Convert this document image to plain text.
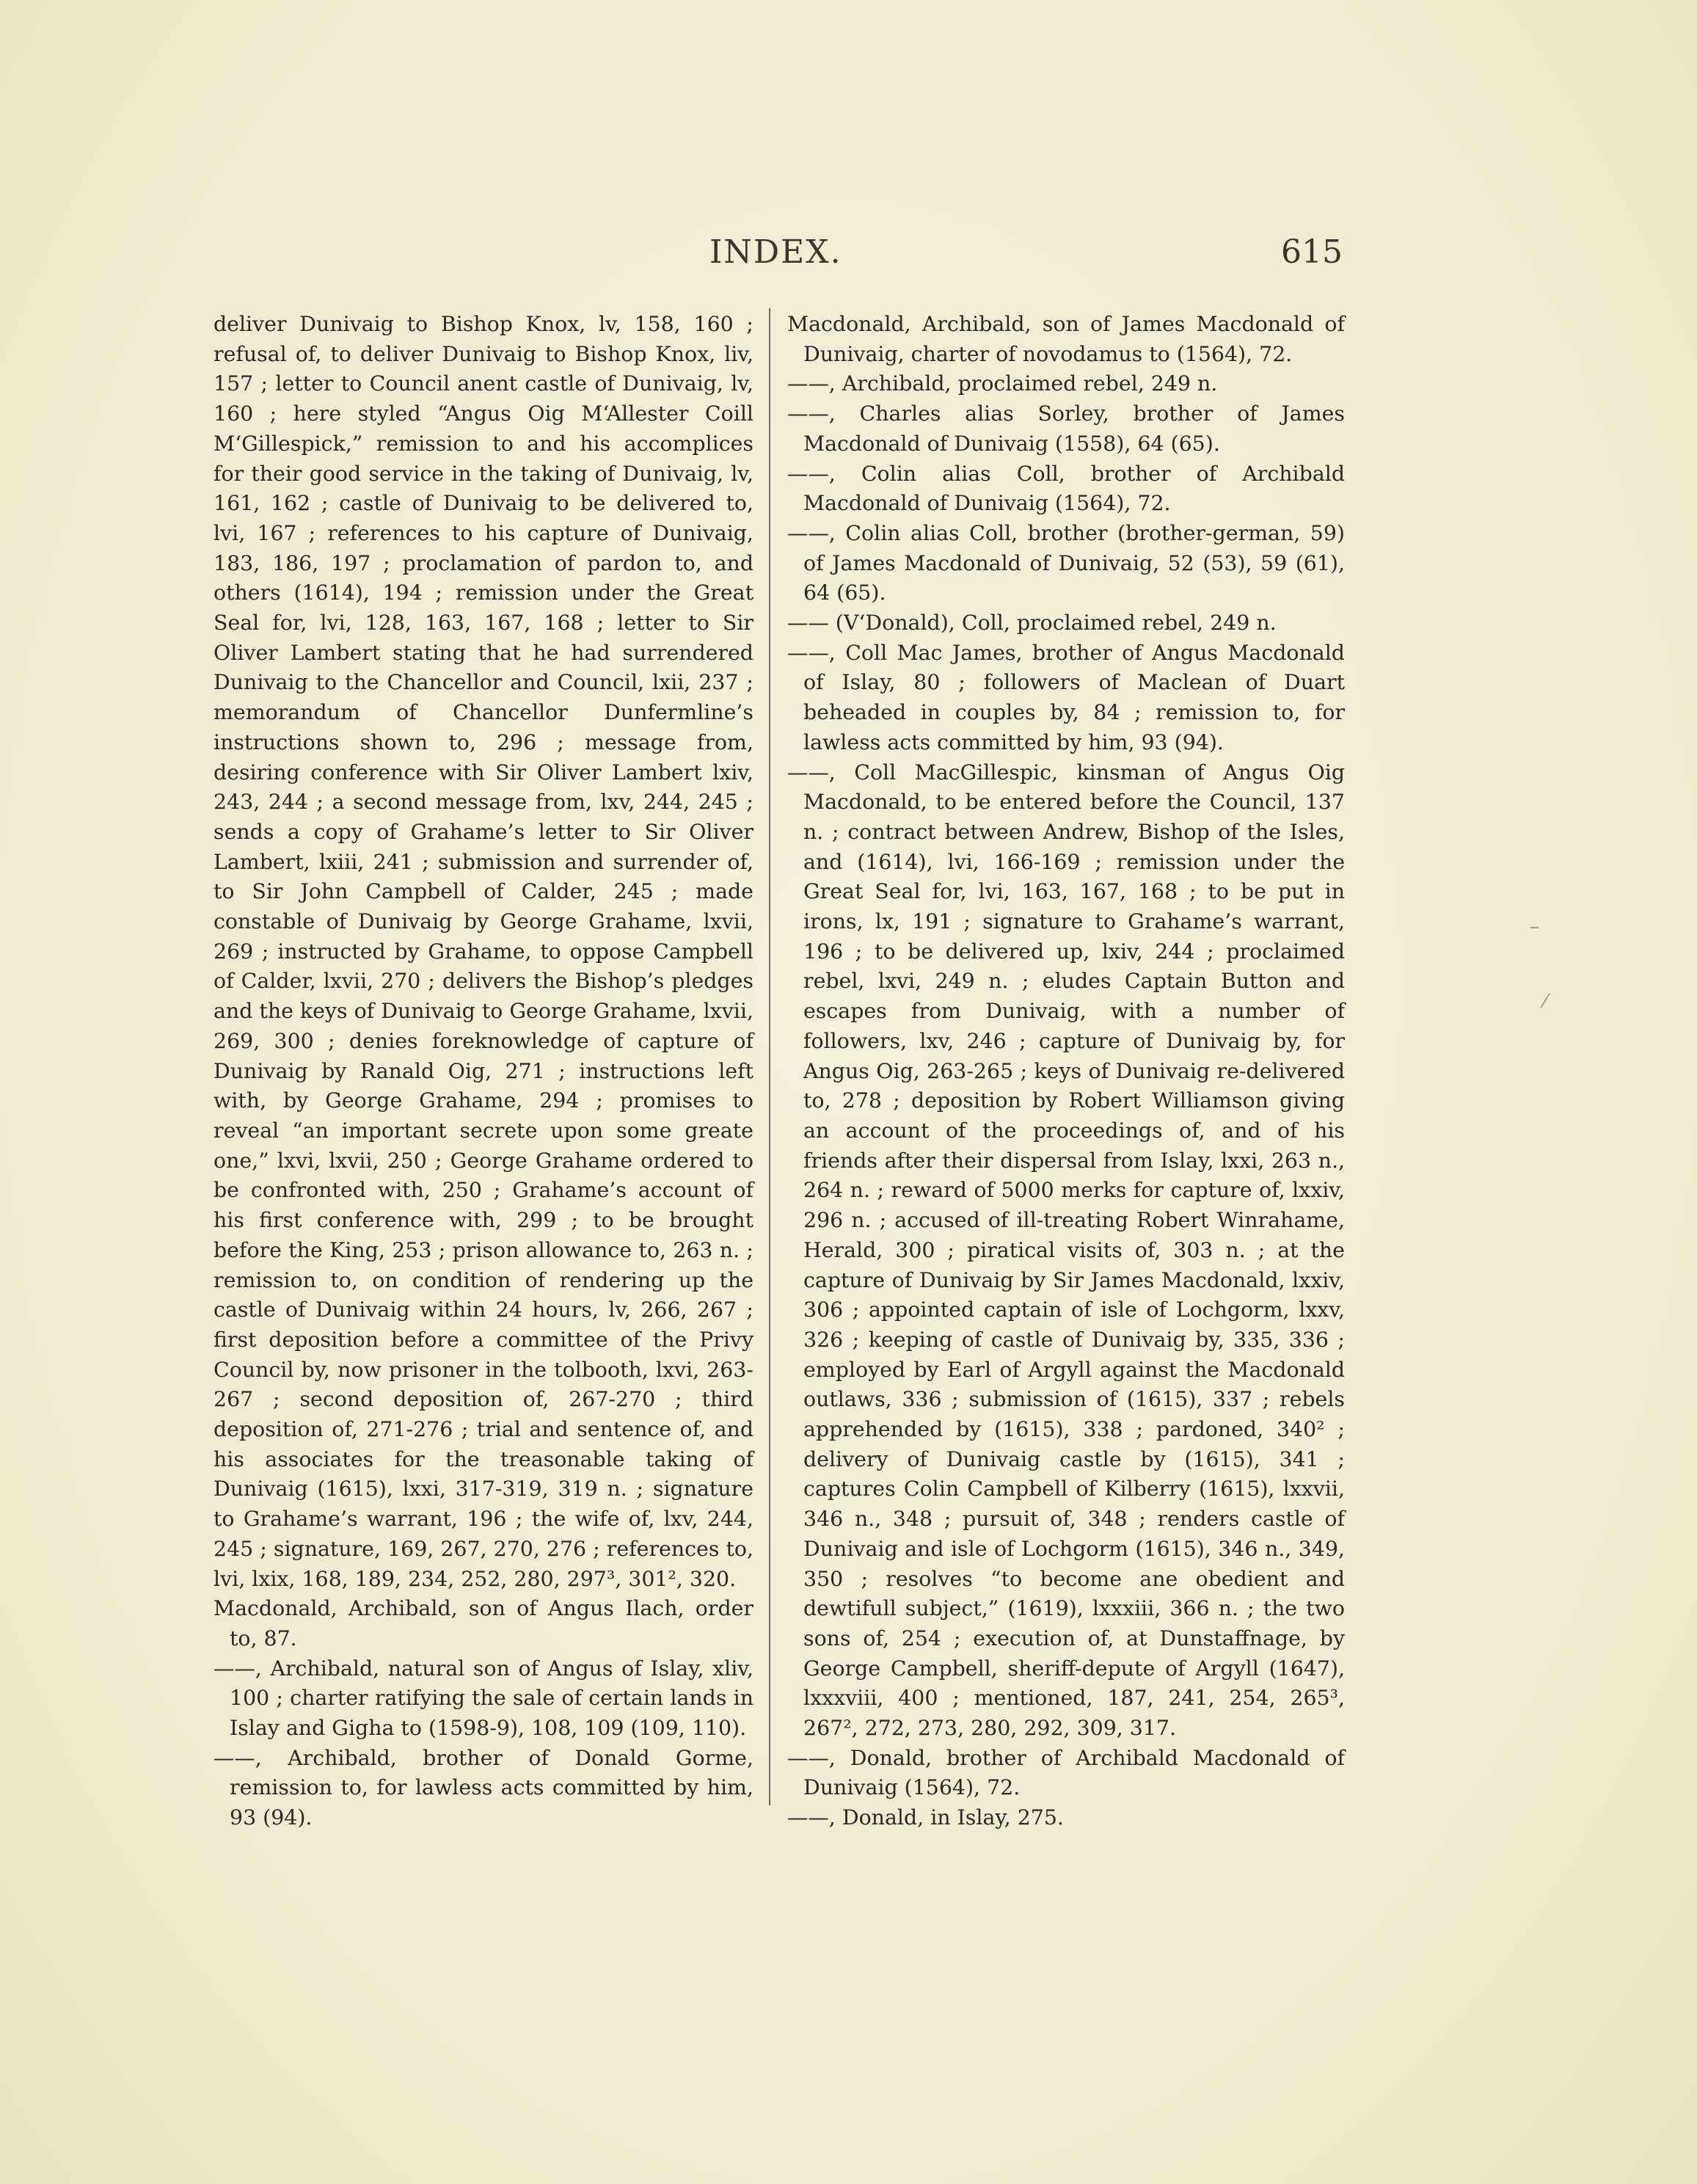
INDEX.	615

deliver Dunivaig to Bishop Knox, lv, 158, 160 ; refusal of, to deliver Dunivaig to Bishop Knox, liv, 157 ; letter to Council anent castle of Dunivaig, lv, 160 ; here styled “Angus Oig M‘Allester Coill M‘Gillespick,” remission to and his accomplices for their good service in the taking of Dunivaig, lv, 161, 162 ; castle of Dunivaig to be delivered to, lvi, 167 ; references to his capture of Dunivaig, 183, 186, 197 ; proclamation of pardon to, and others (1614), 194 ; remission under the Great Seal for, lvi, 128, 163, 167, 168 ; letter to Sir Oliver Lambert stating that he had surrendered Dunivaig to the Chancellor and Council, lxii, 237 ; memorandum of Chancellor Dunfermline’s instructions shown to, 296 ; message from, desiring conference with Sir Oliver Lambert lxiv, 243, 244 ; a second message from, lxv, 244, 245 ; sends a copy of Grahame’s letter to Sir Oliver Lambert, lxiii, 241 ; submission and surrender of, to Sir John Campbell of Calder, 245 ; made constable of Dunivaig by George Grahame, lxvii, 269 ; instructed by Grahame, to oppose Campbell of Calder, lxvii, 270 ; delivers the Bishop’s pledges and the keys of Dunivaig to George Grahame, lxvii, 269, 300 ; denies foreknowledge of capture of Dunivaig by Ranald Oig, 271 ; instructions left with, by George Grahame, 294 ; promises to reveal “an important secrete upon some greate one,” lxvi, lxvii, 250 ; George Grahame ordered to be confronted with, 250 ; Grahame’s account of his first conference with, 299 ; to be brought before the King, 253 ; prison allowance to, 263 n. ; remission to, on condition of rendering up the castle of Dunivaig within 24 hours, lv, 266, 267 ; first deposition before a committee of the Privy Council by, now prisoner in the tolbooth, lxvi, 263-267 ; second deposition of, 267-270 ; third deposition of, 271-276 ; trial and sentence of, and his associates for the treasonable taking of Dunivaig (1615), lxxi, 317-319, 319 n. ; signature to Grahame’s warrant, 196 ; the wife of, lxv, 244, 245 ; signature, 169, 267, 270, 276 ; references to, lvi, lxix, 168, 189, 234, 252, 280, 297³, 301², 320.

Macdonald, Archibald, son of Angus Ilach, order to, 87.

——, Archibald, natural son of Angus of Islay, xliv, 100 ; charter ratifying the sale of certain lands in Islay and Gigha to (1598-9), 108, 109 (109, 110).

——, Archibald, brother of Donald Gorme, remission to, for lawless acts committed by him, 93 (94).

Macdonald, Archibald, son of James Macdonald of Dunivaig, charter of novodamus to (1564), 72.

——, Archibald, proclaimed rebel, 249 n.

——, Charles alias Sorley, brother of James Macdonald of Dunivaig (1558), 64 (65).

——, Colin alias Coll, brother of Archibald Macdonald of Dunivaig (1564), 72.

——, Colin alias Coll, brother (brother-german, 59) of James Macdonald of Dunivaig, 52 (53), 59 (61), 64 (65).

—— (V‘Donald), Coll, proclaimed rebel, 249 n.

——, Coll Mac James, brother of Angus Macdonald of Islay, 80 ; followers of Maclean of Duart beheaded in couples by, 84 ; remission to, for lawless acts committed by him, 93 (94).

——, Coll MacGillespic, kinsman of Angus Oig Macdonald, to be entered before the Council, 137 n. ; contract between Andrew, Bishop of the Isles, and (1614), lvi, 166-169 ; remission under the Great Seal for, lvi, 163, 167, 168 ; to be put in irons, lx, 191 ; signature to Grahame’s warrant, 196 ; to be delivered up, lxiv, 244 ; proclaimed rebel, lxvi, 249 n. ; eludes Captain Button and escapes from Dunivaig, with a number of followers, lxv, 246 ; capture of Dunivaig by, for Angus Oig, 263-265 ; keys of Dunivaig re-delivered to, 278 ; deposition by Robert Williamson giving an account of the proceedings of, and of his friends after their dispersal from Islay, lxxi, 263 n., 264 n. ; reward of 5000 merks for capture of, lxxiv, 296 n. ; accused of ill-treating Robert Winrahame, Herald, 300 ; piratical visits of, 303 n. ; at the capture of Dunivaig by Sir James Macdonald, lxxiv, 306 ; appointed captain of isle of Lochgorm, lxxv, 326 ; keeping of castle of Dunivaig by, 335, 336 ; employed by Earl of Argyll against the Macdonald outlaws, 336 ; submission of (1615), 337 ; rebels apprehended by (1615), 338 ; pardoned, 340² ; delivery of Dunivaig castle by (1615), 341 ; captures Colin Campbell of Kilberry (1615), lxxvii, 346 n., 348 ; pursuit of, 348 ; renders castle of Dunivaig and isle of Lochgorm (1615), 346 n., 349, 350 ; resolves “to become ane obedient and dewtifull subject,” (1619), lxxxiii, 366 n. ; the two sons of, 254 ; execution of, at Dunstaffnage, by George Campbell, sheriff-depute of Argyll (1647), lxxxviii, 400 ; mentioned, 187, 241, 254, 265³, 267², 272, 273, 280, 292, 309, 317.

——, Donald, brother of Archibald Macdonald of Dunivaig (1564), 72.

——, Donald, in Islay, 275.

–
⁄
